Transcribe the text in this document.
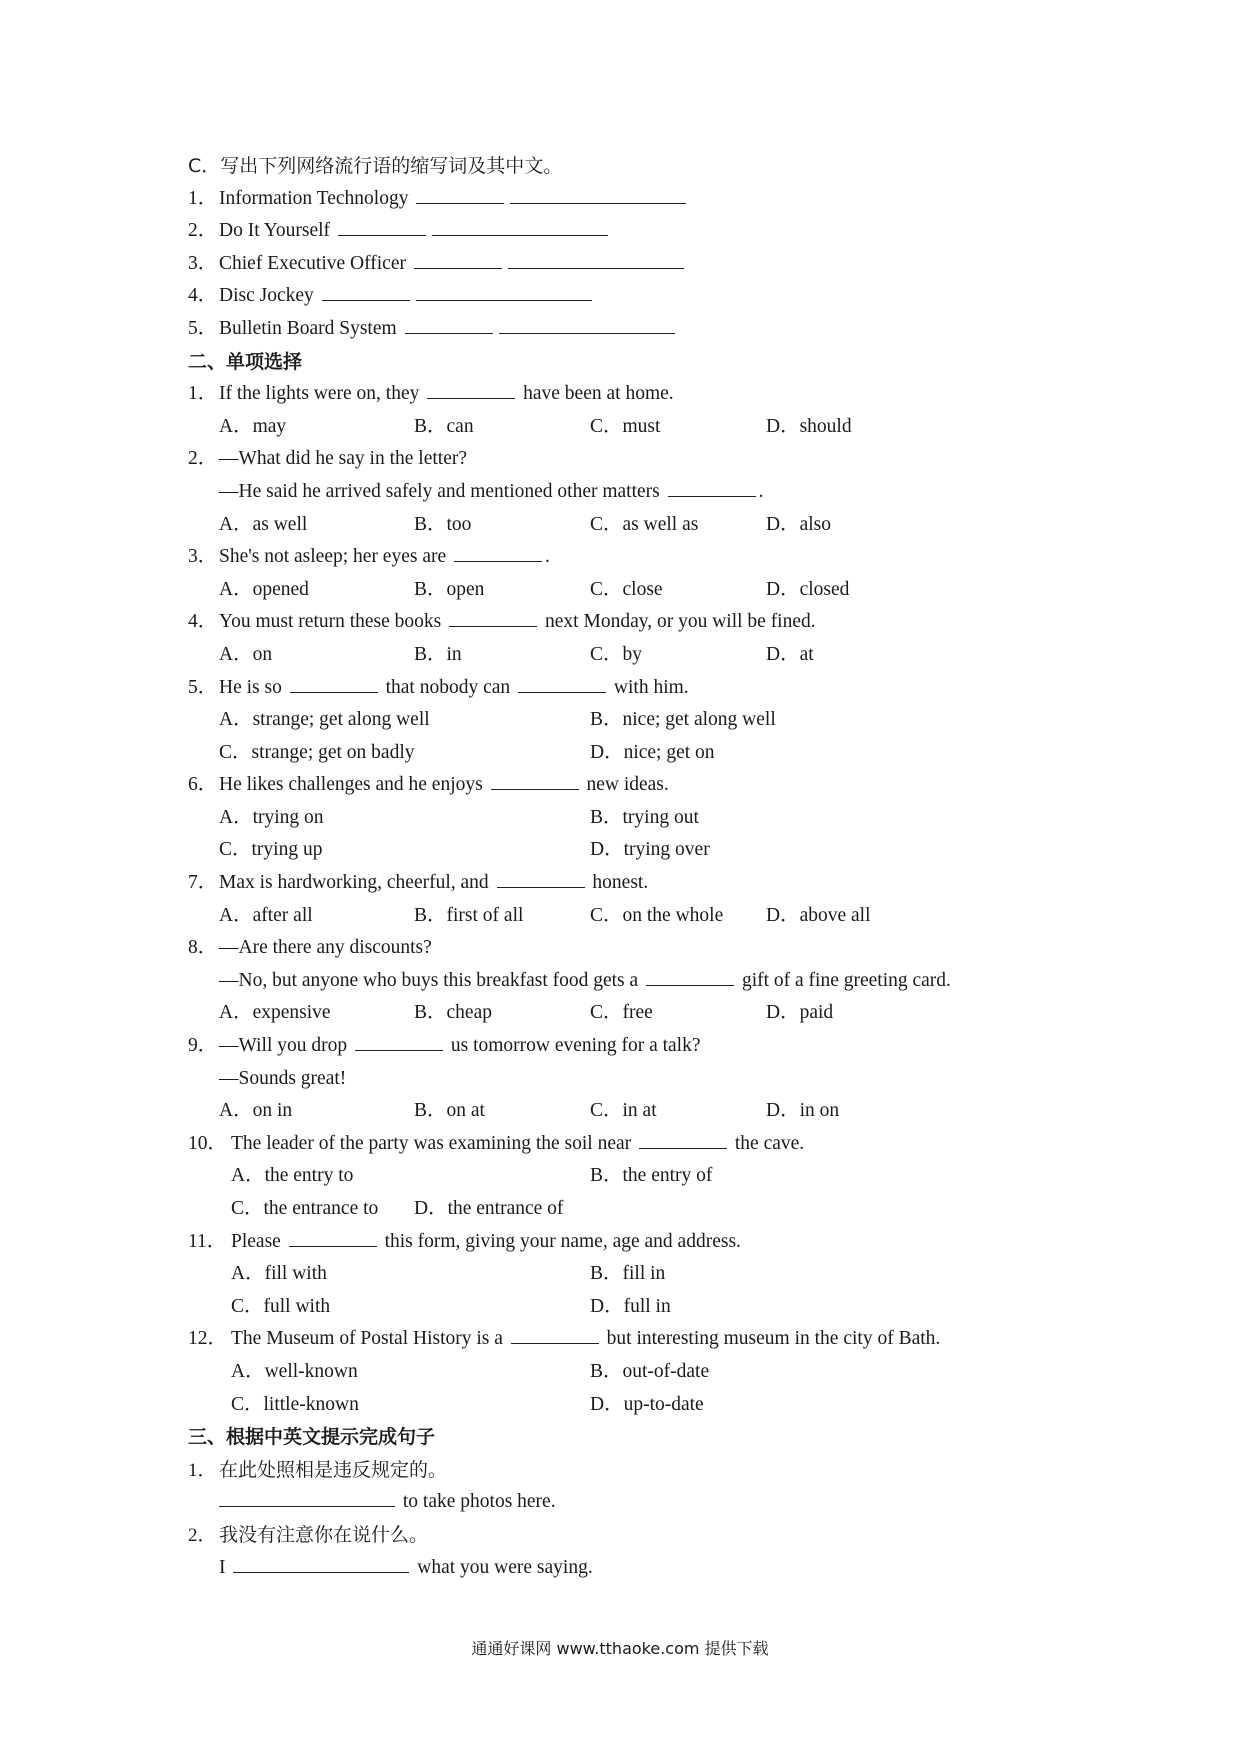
C．写出下列网络流行语的缩写词及其中文。
1．Information Technology
2．Do It Yourself
3．Chief Executive Officer
4．Disc Jockey
5．Bulletin Board System
二、单项选择
1．If the lights were on, they	have been at home.
A．may	B．can	C．must	D．should
2．—What did he say in the letter?
—He said he arrived safely and mentioned other matters	.
A．as well	B．too	C．as well as	D．also
3．She's not asleep; her eyes are	.
A．opened	B．open	C．close	D．closed
4．You must return these books	next Monday, or you will be fined.
A．on	B．in	C．by	D．at
5．He is so	that nobody can	with him.
A．strange; get along well	B．nice; get along well
C．strange; get on badly	D．nice; get on
6．He likes challenges and he enjoys	new ideas.
A．trying on	B．trying out
C．trying up	D．trying over
7．Max is hardworking, cheerful, and	honest.
A．after all	B．first of all	C．on the whole D．above all
8．—Are there any discounts?
—No, but anyone who buys this breakfast food gets a	gift of a fine greeting card.
A．expensive	B．cheap	C．free	D．paid
9．—Will you drop	us tomorrow evening for a talk?
—Sounds great!
A．on in	B．on at	C．in at	D．in on
10． The leader of the party was examining the soil near	the cave.
A．the entry to	B．the entry of
C．the entrance to D．the entrance of
11． Please	this form, giving your name, age and address.
A．fill with	B．fill in
C．full with	D．full in
12． The Museum of Postal History is a	but interesting museum in the city of Bath.
A．well-known	B．out-of-date
C．little-known	D．up-to-date
三、根据中英文提示完成句子
1． 在此处照相是违反规定的。
to take photos here.
2． 我没有注意你在说什么。
I	what you were saying.
通通好课网 www.tthaoke.com 提供下载
